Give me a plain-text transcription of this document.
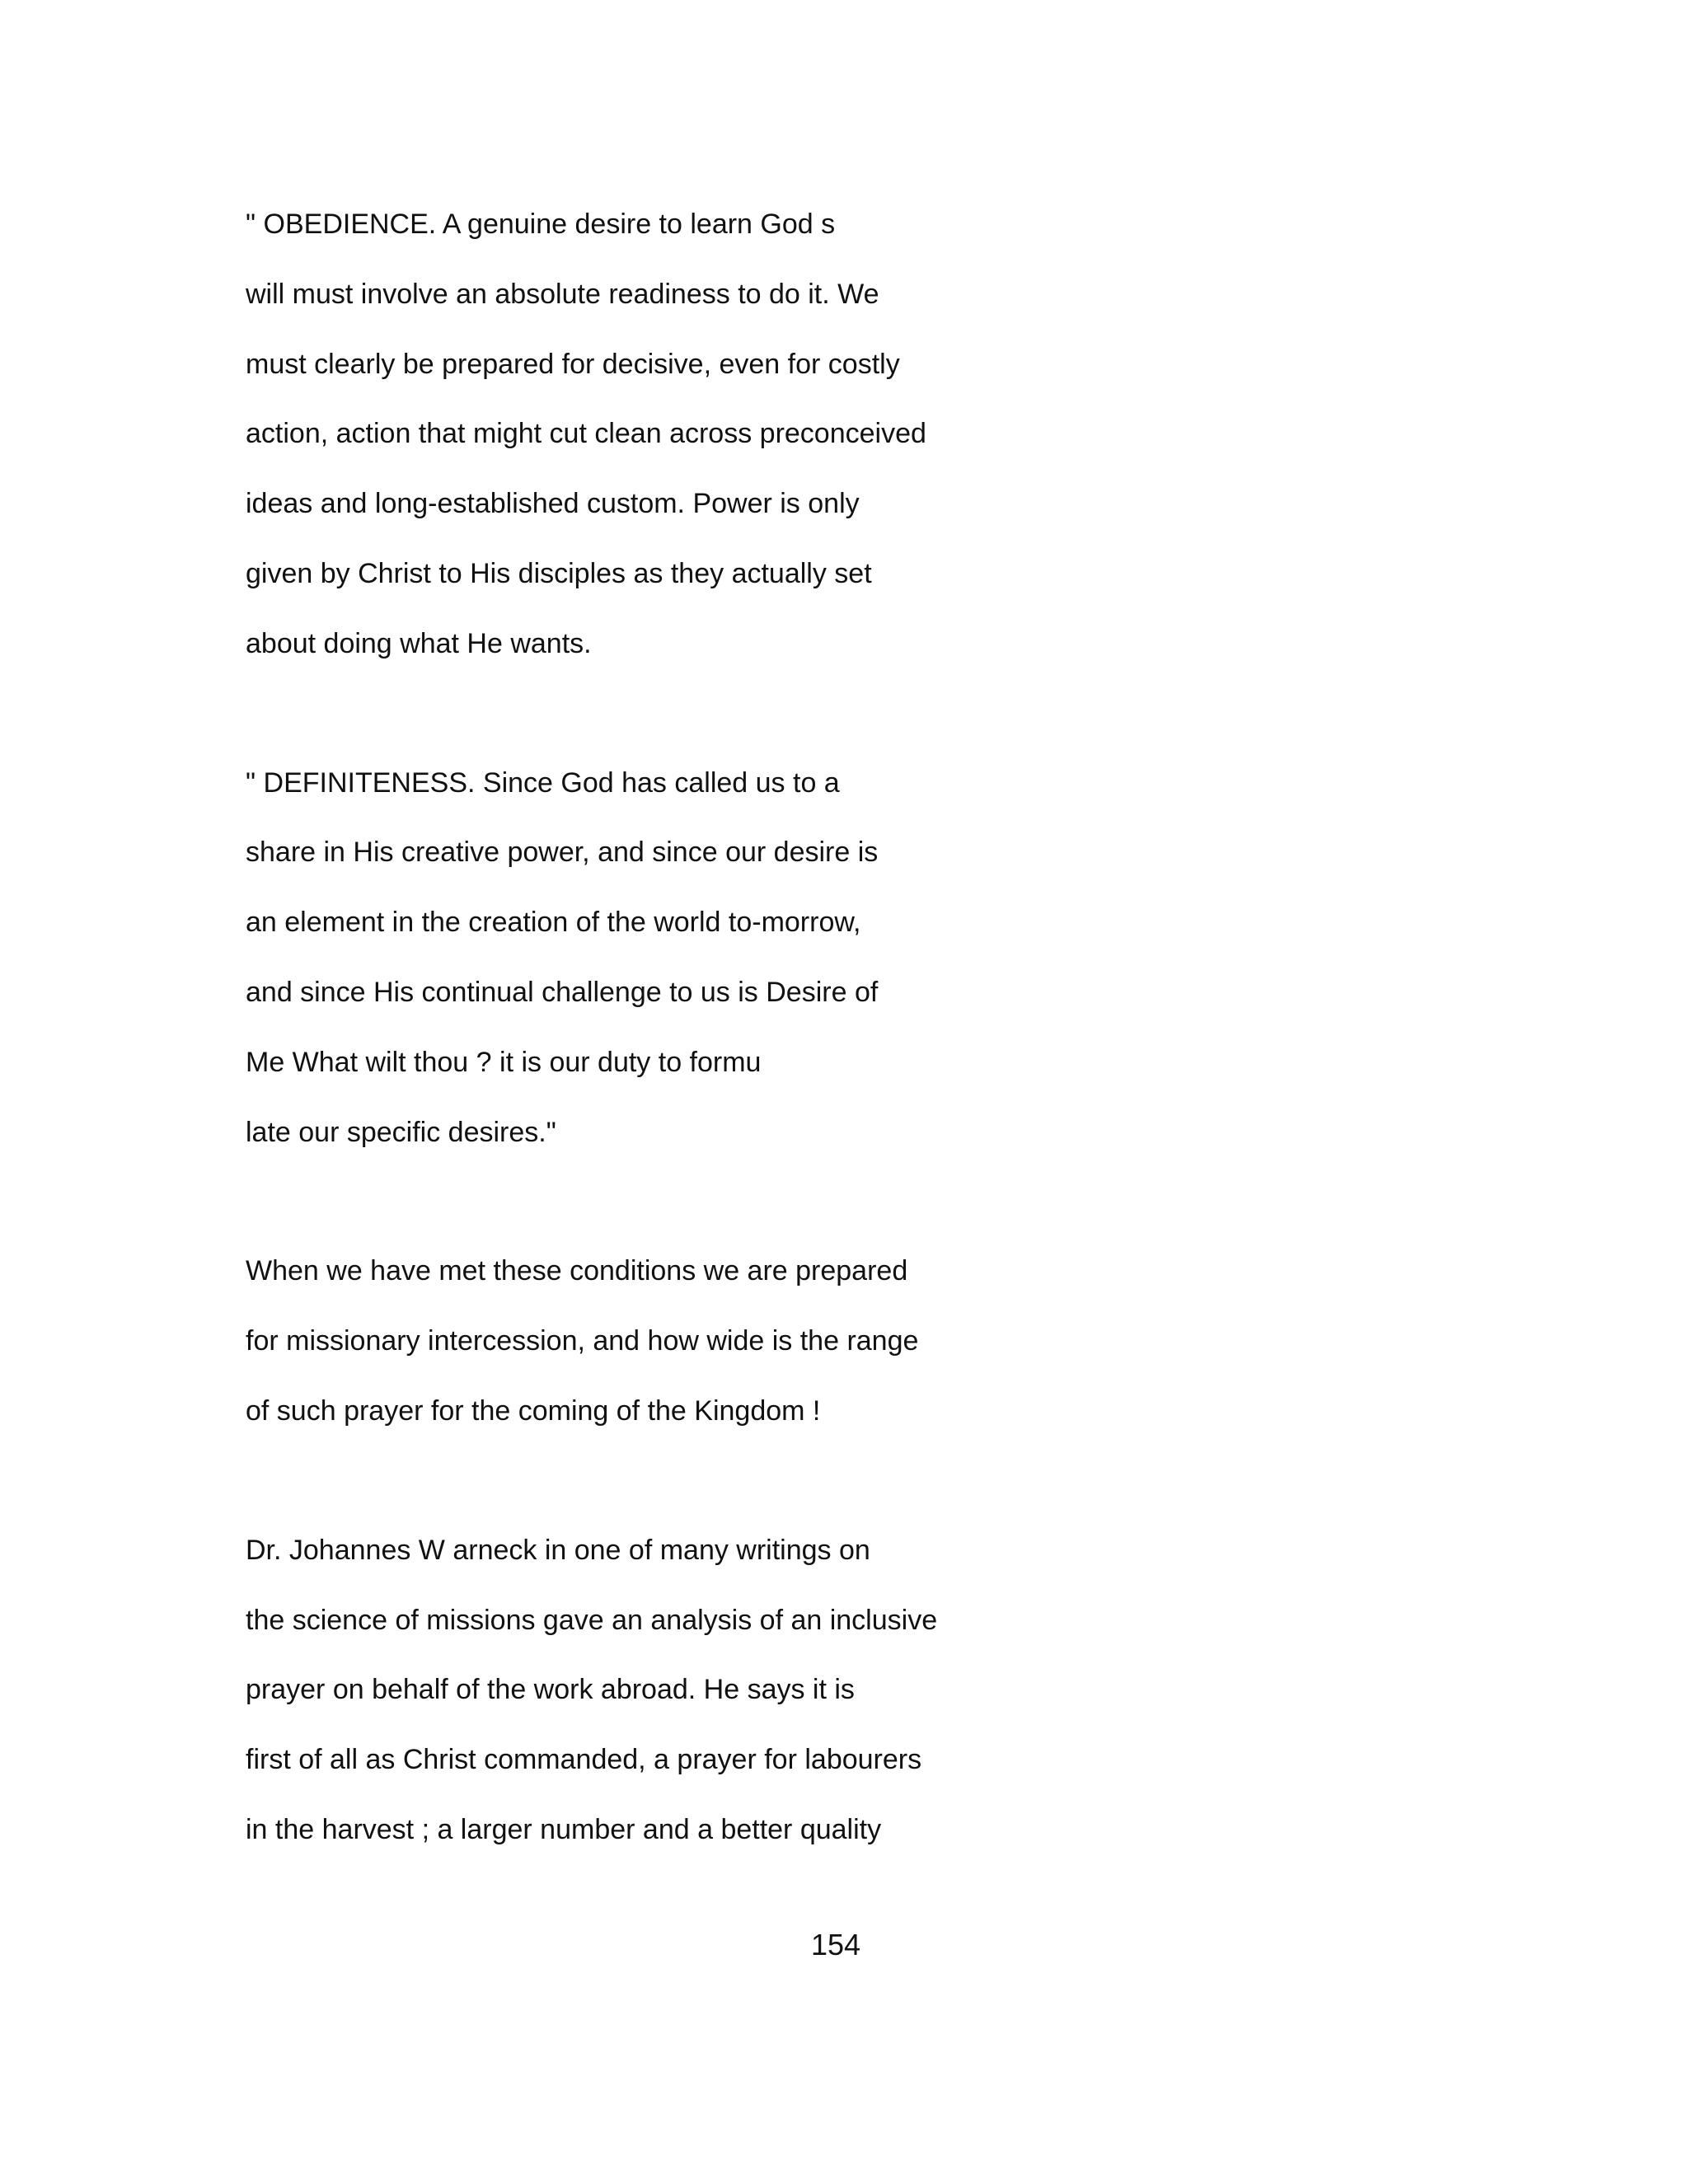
" OBEDIENCE. A genuine desire to learn God s
will must involve an absolute readiness to do it. We
must clearly be prepared for decisive, even for costly
action, action that might cut clean across preconceived
ideas and long-established custom. Power is only
given by Christ to His disciples as they actually set
about doing what He wants.

" DEFINITENESS. Since God has called us to a
share in His creative power, and since our desire is
an element in the creation of the world to-morrow,
and since His continual challenge to us is Desire of
Me What wilt thou ? it is our duty to formu
late our specific desires."

When we have met these conditions we are prepared
for missionary intercession, and how wide is the range
of such prayer for the coming of the Kingdom !

Dr. Johannes W arneck in one of many writings on
the science of missions gave an analysis of an inclusive
prayer on behalf of the work abroad. He says it is
first of all as Christ commanded, a prayer for labourers
in the harvest ; a larger number and a better quality

154
